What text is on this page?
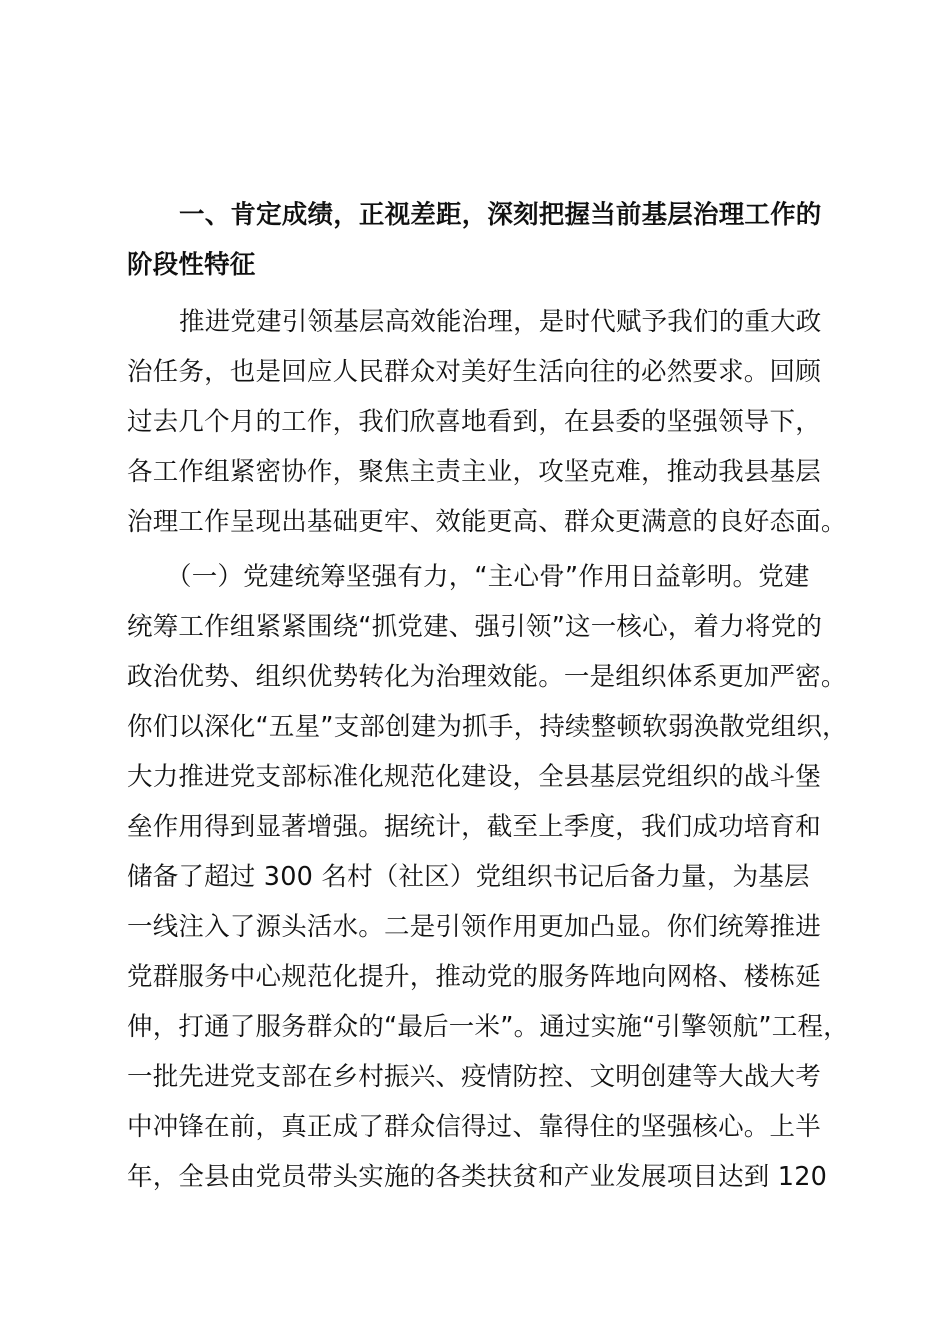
一、肯定成绩，正视差距，深刻把握当前基层治理工作的
阶段性特征
推进党建引领基层高效能治理，是时代赋予我们的重大政
治任务，也是回应人民群众对美好生活向往的必然要求。回顾
过去几个月的工作，我们欣喜地看到，在县委的坚强领导下，
各工作组紧密协作，聚焦主责主业，攻坚克难，推动我县基层
治理工作呈现出基础更牢、效能更高、群众更满意的良好态面。
（一）党建统筹坚强有力，“主心骨”作用日益彰明。党建
统筹工作组紧紧围绕“抓党建、强引领”这一核心，着力将党的
政治优势、组织优势转化为治理效能。一是组织体系更加严密。
你们以深化“五星”支部创建为抓手，持续整顿软弱涣散党组织，
大力推进党支部标准化规范化建设，全县基层党组织的战斗堡
垒作用得到显著增强。据统计，截至上季度，我们成功培育和
储备了超过 300 名村（社区）党组织书记后备力量，为基层
一线注入了源头活水。二是引领作用更加凸显。你们统筹推进
党群服务中心规范化提升，推动党的服务阵地向网格、楼栋延
伸，打通了服务群众的“最后一米”。通过实施“引擎领航”工程，
一批先进党支部在乡村振兴、疫情防控、文明创建等大战大考
中冲锋在前，真正成了群众信得过、靠得住的坚强核心。上半
年，全县由党员带头实施的各类扶贫和产业发展项目达到 120
